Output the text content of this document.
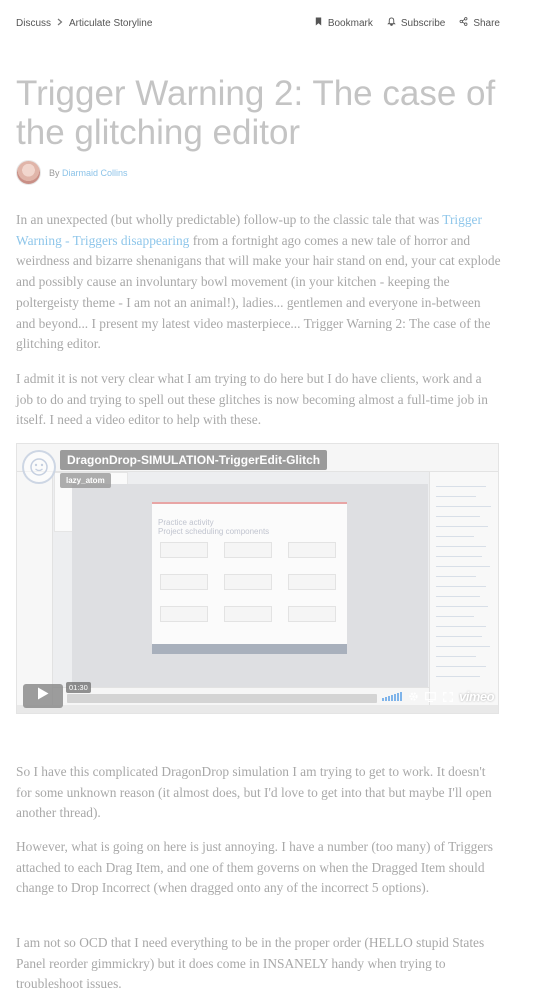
Discuss Articulate Storyline	Bookmark	Subscribe	Share
Trigger Warning 2: The case of the glitching editor
By Diarmaid Collins

In an unexpected (but wholly predictable) follow-up to the classic tale that was Trigger Warning - Triggers disappearing from a fortnight ago comes a new tale of horror and weirdness and bizarre shenanigans that will make your hair stand on end, your cat explode and possibly cause an involuntary bowl movement (in your kitchen - keeping the poltergeisty theme - I am not an animal!), ladies... gentlemen and everyone in-between and beyond... I present my latest video masterpiece... Trigger Warning 2: The case of the glitching editor.

I admit it is not very clear what I am trying to do here but I do have clients, work and a job to do and trying to spell out these glitches is now becoming almost a full-time job in itself. I need a video editor to help with these.

Practice activity
Project scheduling components
DragonDrop-SIMULATION-TriggerEdit-Glitch
lazy_atom
01:30
vimeo

So I have this complicated DragonDrop simulation I am trying to get to work. It doesn't for some unknown reason (it almost does, but I'd love to get into that but maybe I'll open another thread).

However, what is going on here is just annoying. I have a number (too many) of Triggers attached to each Drag Item, and one of them governs on when the Dragged Item should change to Drop Incorrect (when dragged onto any of the incorrect 5 options).

I am not so OCD that I need everything to be in the proper order (HELLO stupid States Panel reorder gimmickry) but it does come in INSANELY handy when trying to troubleshoot issues.
